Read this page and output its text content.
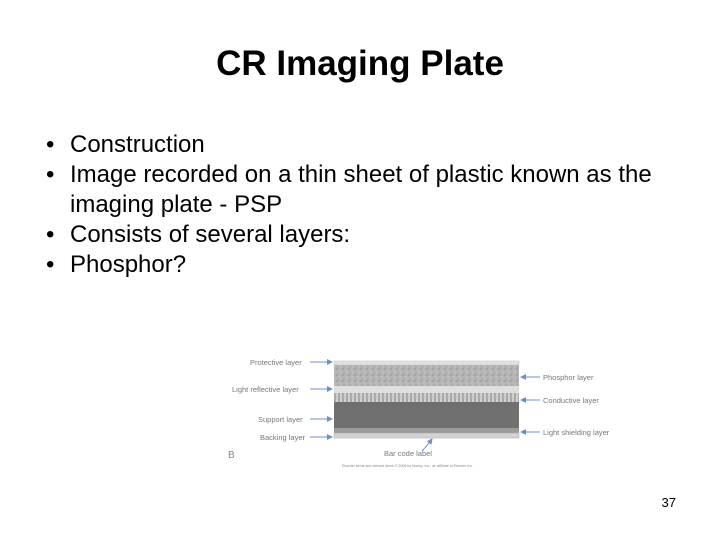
CR Imaging Plate
• Construction
• Image recorded on a thin sheet of plastic known as the imaging plate - PSP
• Consists of several layers:
• Phosphor?
Protective layer
Light reflective layer
Support layer
Backing layer
Phosphor layer
Conductive layer
Light shielding layer
B	Bar code label
Elsevier items and derived items © 2006 by Mosby, Inc., an affiliate of Elsevier Inc.
37
